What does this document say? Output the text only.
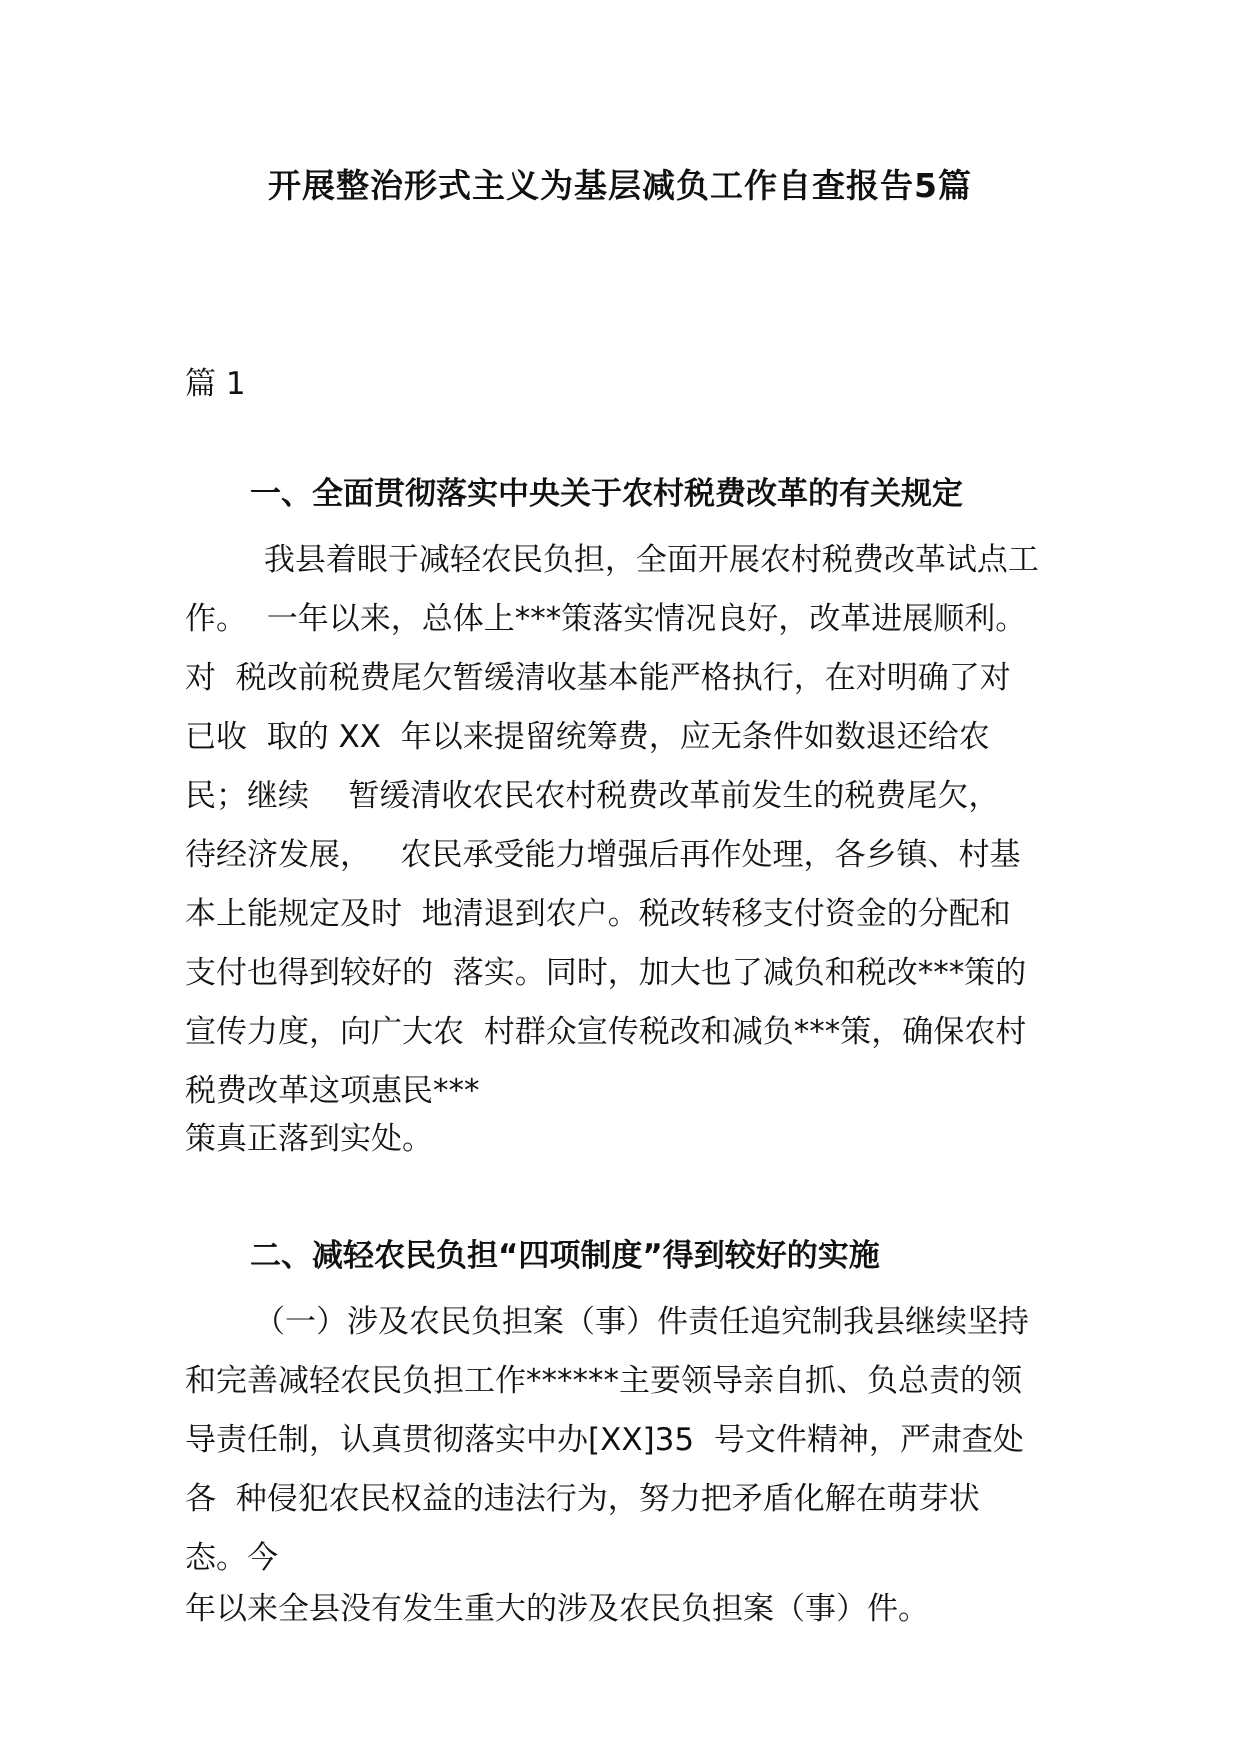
开展整治形式主义为基层减负工作自查报告5篇
篇 1
一、全面贯彻落实中央关于农村税费改革的有关规定
我县着眼于减轻农民负担，全面开展农村税费改革试点工
作。  一年以来，总体上***策落实情况良好，改革进展顺利。
对  税改前税费尾欠暂缓清收基本能严格执行，在对明确了对
已收  取的 XX  年以来提留统筹费，应无条件如数退还给农
民；继续    暂缓清收农民农村税费改革前发生的税费尾欠，
待经济发展，   农民承受能力增强后再作处理，各乡镇、村基
本上能规定及时  地清退到农户。税改转移支付资金的分配和
支付也得到较好的  落实。同时，加大也了减负和税改***策的
宣传力度，向广大农  村群众宣传税改和减负***策，确保农村
税费改革这项惠民***
策真正落到实处。
二、减轻农民负担“四项制度”得到较好的实施
（一）涉及农民负担案（事）件责任追究制我县继续坚持
和完善减轻农民负担工作******主要领导亲自抓、负总责的领
导责任制，认真贯彻落实中办[XX]35  号文件精神，严肃查处
各  种侵犯农民权益的违法行为，努力把矛盾化解在萌芽状
态。今
年以来全县没有发生重大的涉及农民负担案（事）件。
